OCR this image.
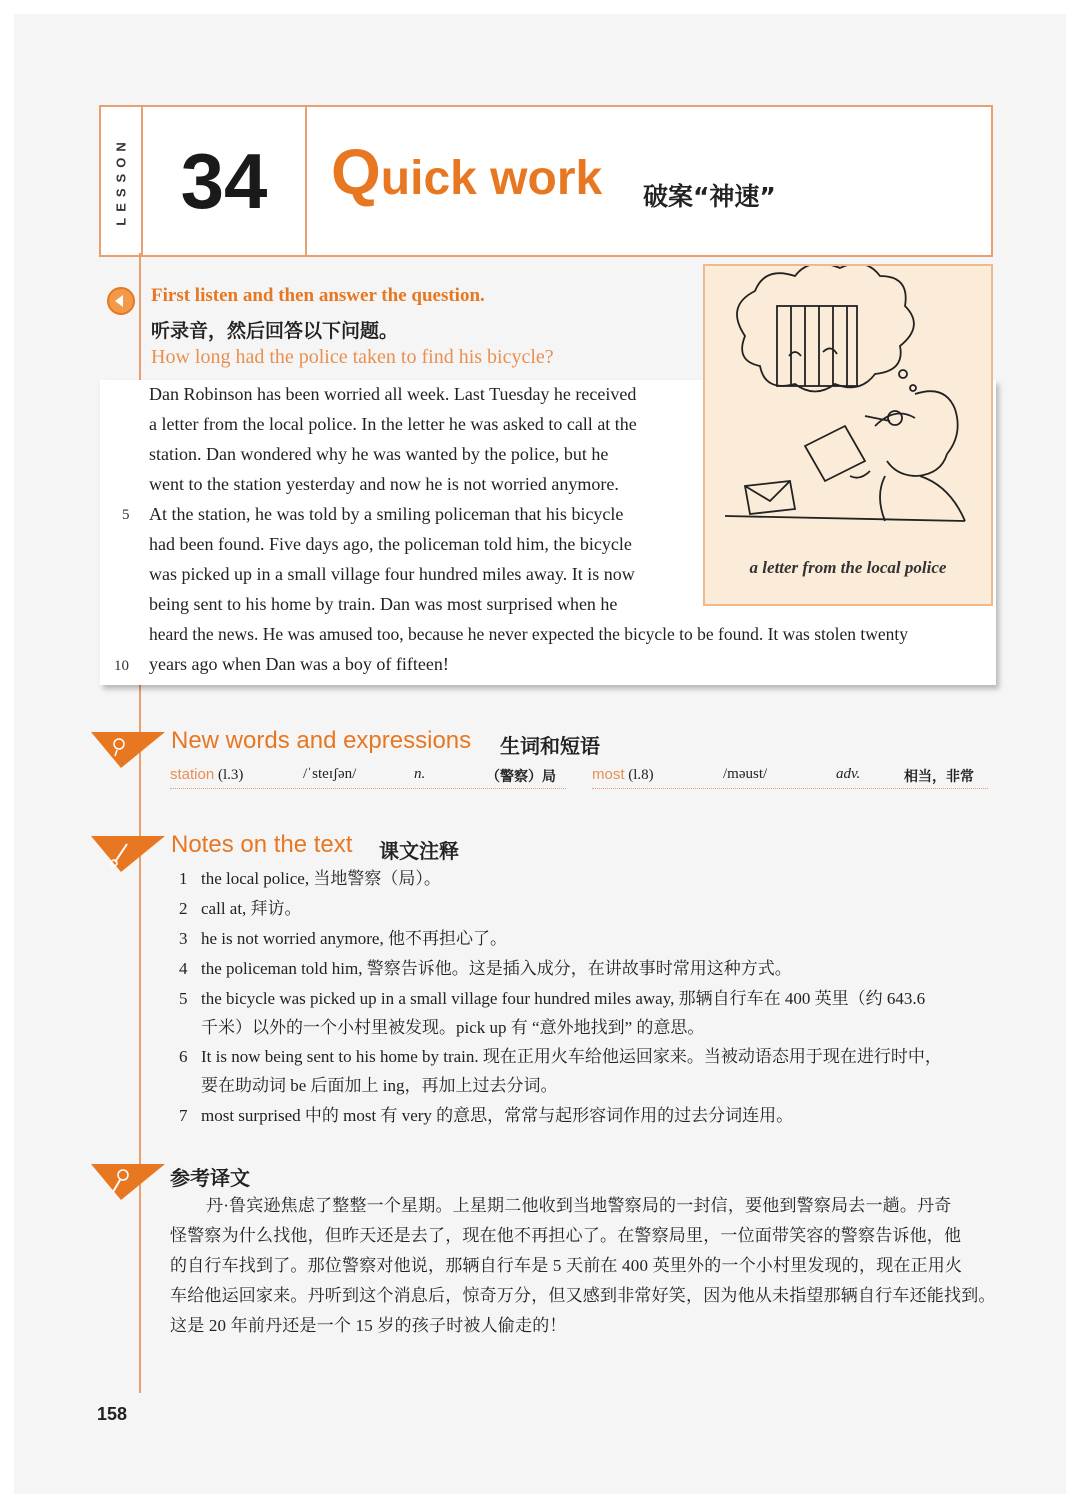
LESSON 34 Quick work 破案“神速”
First listen and then answer the question.
听录音，然后回答以下问题。
How long had the police taken to find his bicycle?
Dan Robinson has been worried all week. Last Tuesday he received
a letter from the local police. In the letter he was asked to call at the
station. Dan wondered why he was wanted by the police, but he
went to the station yesterday and now he is not worried anymore.
At the station, he was told by a smiling policeman that his bicycle
had been found. Five days ago, the policeman told him, the bicycle
was picked up in a small village four hundred miles away. It is now
being sent to his home by train. Dan was most surprised when he
heard the news. He was amused too, because he never expected the bicycle to be found. It was stolen twenty
years ago when Dan was a boy of fifteen!
5
10
a letter from the local police
New words and expressions 生词和短语
station (l.3)	/ˈsteɪʃən/	n.	（警察）局 most (l.8)	/məust/	adv.	相当，非常
Notes on the text 课文注释
1 the local police, 当地警察（局）。
2 call at, 拜访。
3 he is not worried anymore, 他不再担心了。
4 the policeman told him, 警察告诉他。这是插入成分，在讲故事时常用这种方式。
5 the bicycle was picked up in a small village four hundred miles away, 那辆自行车在 400 英里（约 643.6
千米）以外的一个小村里被发现。pick up 有 “意外地找到” 的意思。
6 It is now being sent to his home by train. 现在正用火车给他运回家来。当被动语态用于现在进行时中，
要在助动词 be 后面加上 ing，再加上过去分词。
7 most surprised 中的 most 有 very 的意思，常常与起形容词作用的过去分词连用。
参考译文
丹·鲁宾逊焦虑了整整一个星期。上星期二他收到当地警察局的一封信，要他到警察局去一趟。丹奇
怪警察为什么找他，但昨天还是去了，现在他不再担心了。在警察局里，一位面带笑容的警察告诉他，他
的自行车找到了。那位警察对他说，那辆自行车是 5 天前在 400 英里外的一个小村里发现的，现在正用火
车给他运回家来。丹听到这个消息后，惊奇万分，但又感到非常好笑，因为他从未指望那辆自行车还能找到。
这是 20 年前丹还是一个 15 岁的孩子时被人偷走的！
158
